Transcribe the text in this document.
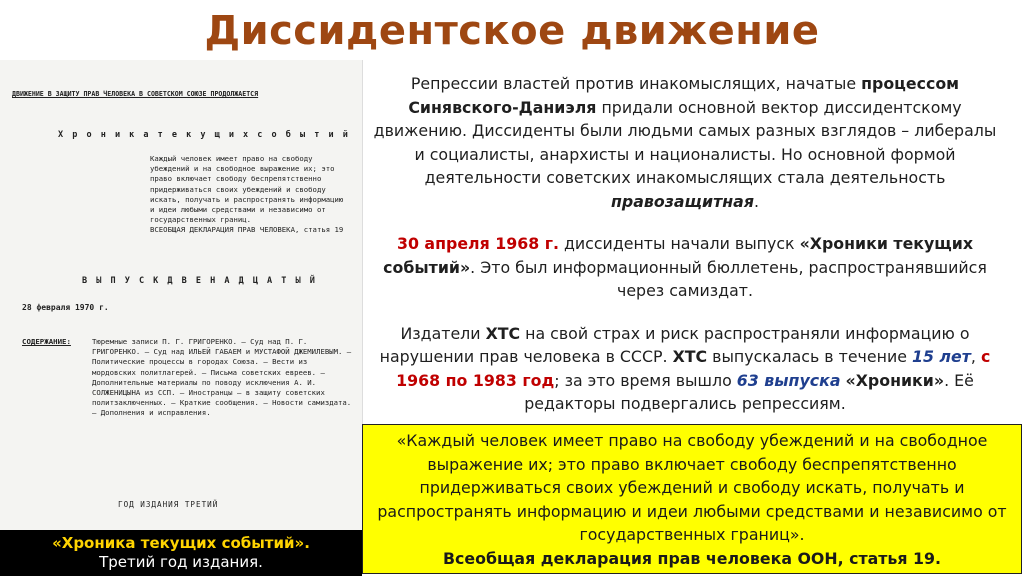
Диссидентское движение
ДВИЖЕНИЕ В ЗАЩИТУ ПРАВ ЧЕЛОВЕКА В СОВЕТСКОМ СОЮЗЕ ПРОДОЛЖАЕТСЯ
Х р о н и к а т е к у щ и х с о б ы т и й
Каждый человек имеет право на свободу убеждений и на свободное выражение их; это право включает свободу беспрепятственно придерживаться своих убеждений и свободу искать, получать и распространять информацию и идеи любыми средствами и независимо от государственных границ.
ВСЕОБЩАЯ ДЕКЛАРАЦИЯ ПРАВ ЧЕЛОВЕКА, статья 19
В Ы П У С К Д В Е Н А Д Ц А Т Ы Й
28 февраля 1970 г.
СОДЕРЖАНИЕ:	Тюремные записи П. Г. ГРИГОРЕНКО. – Суд над П. Г. ГРИГОРЕНКО. – Суд над ИЛЬЕЙ ГАБАЕМ и МУСТАФОЙ ДЖЕМИЛЕВЫМ. – Политические процессы в городах Союза. – Вести из мордовских политлагерей. – Письма советских евреев. – Дополнительные материалы по поводу исключения А. И. СОЛЖЕНИЦЫНА из ССП. – Иностранцы – в защиту советских политзаключенных. – Краткие сообщения. – Новости самиздата. – Дополнения и исправления.
ГОД ИЗДАНИЯ ТРЕТИЙ
«Хроника текущих событий».
Третий год издания.

Репрессии властей против инакомыслящих, начатые процессом Синявского-Даниэля придали основной вектор диссидентскому движению. Диссиденты были людьми самых разных взглядов – либералы и социалисты, анархисты и националисты. Но основной формой деятельности советских инакомыслящих стала деятельность правозащитная.

30 апреля 1968 г. диссиденты начали выпуск «Хроники текущих событий». Это был информационный бюллетень, распространявшийся через самиздат.

Издатели ХТС на свой страх и риск распространяли информацию о нарушении прав человека в СССР. ХТС выпускалась в течение 15 лет, с 1968 по 1983 год; за это время вышло 63 выпуска «Хроники». Её редакторы подвергались репрессиям.

«Каждый человек имеет право на свободу убеждений и на свободное выражение их; это право включает свободу беспрепятственно придерживаться своих убеждений и свободу искать, получать и распространять информацию и идеи любыми средствами и независимо от государственных границ».
Всеобщая декларация прав человека ООН, статья 19.
